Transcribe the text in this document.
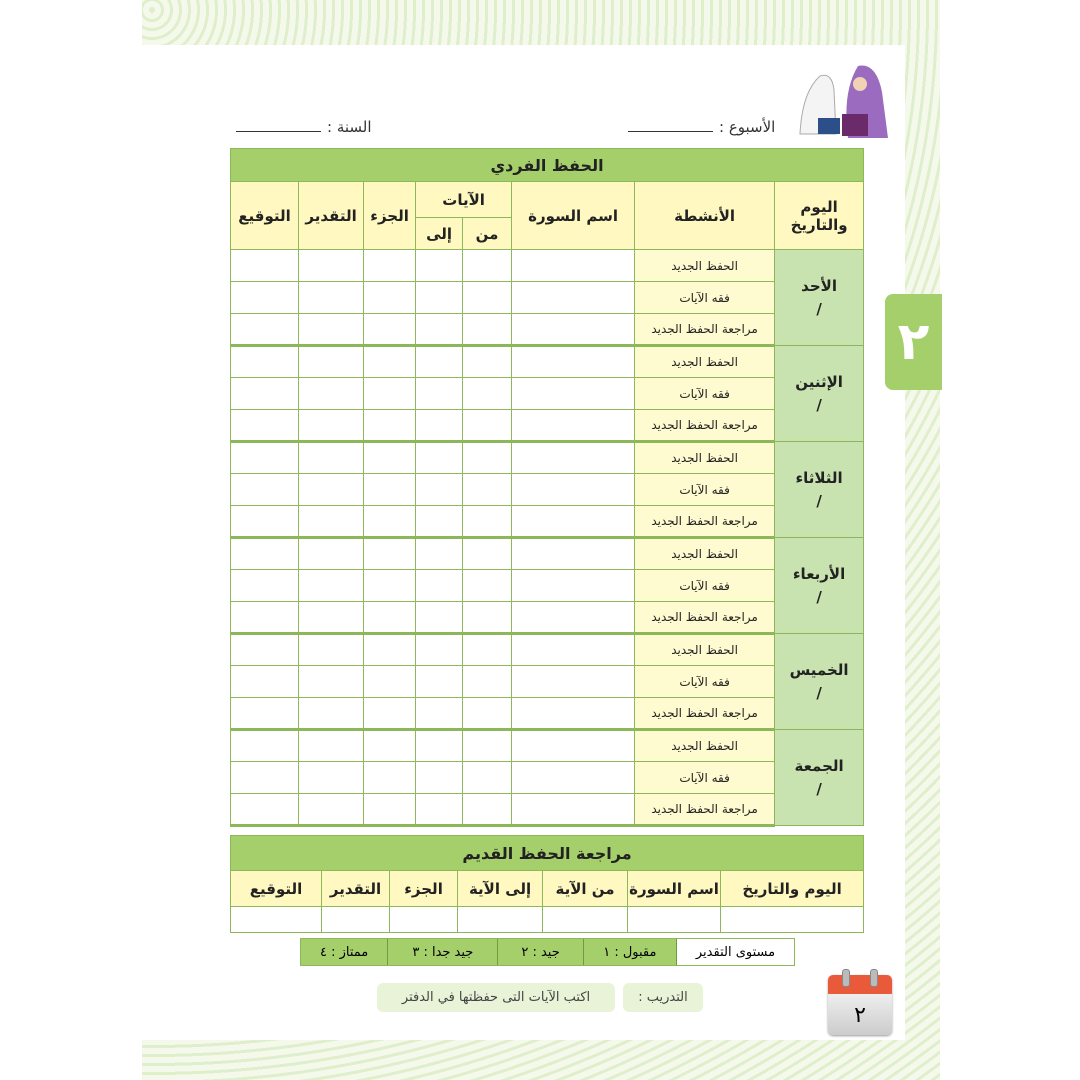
الأسبوع :
السنة :
٢
الحفظ الفردي							
اليوم والتاريخ	الأنشطة	اسم السورة	الآيات		الجزء	التقدير	التوقيع
			من	إلى			

الأحد
/	الحفظ الجديد						
	فقه الآيات						
	مراجعة الحفظ الجديد						

الإثنين
/	الحفظ الجديد						
	فقه الآيات						
	مراجعة الحفظ الجديد						

الثلاثاء
/	الحفظ الجديد						
	فقه الآيات						
	مراجعة الحفظ الجديد						

الأربعاء
/	الحفظ الجديد						
	فقه الآيات						
	مراجعة الحفظ الجديد						

الخميس
/	الحفظ الجديد						
	فقه الآيات						
	مراجعة الحفظ الجديد						

الجمعة
/	الحفظ الجديد						
	فقه الآيات						
	مراجعة الحفظ الجديد						
مراجعة الحفظ القديم						
اليوم والتاريخ	اسم السورة	من الآية	إلى الآية	الجزء	التقدير	التوقيع

مستوى التقدير
مقبول : ١
جيد : ٢
جيد جدا : ٣
ممتاز : ٤
التدريب :
اكتب الآيات التى حفظتها في الدفتر
٢
